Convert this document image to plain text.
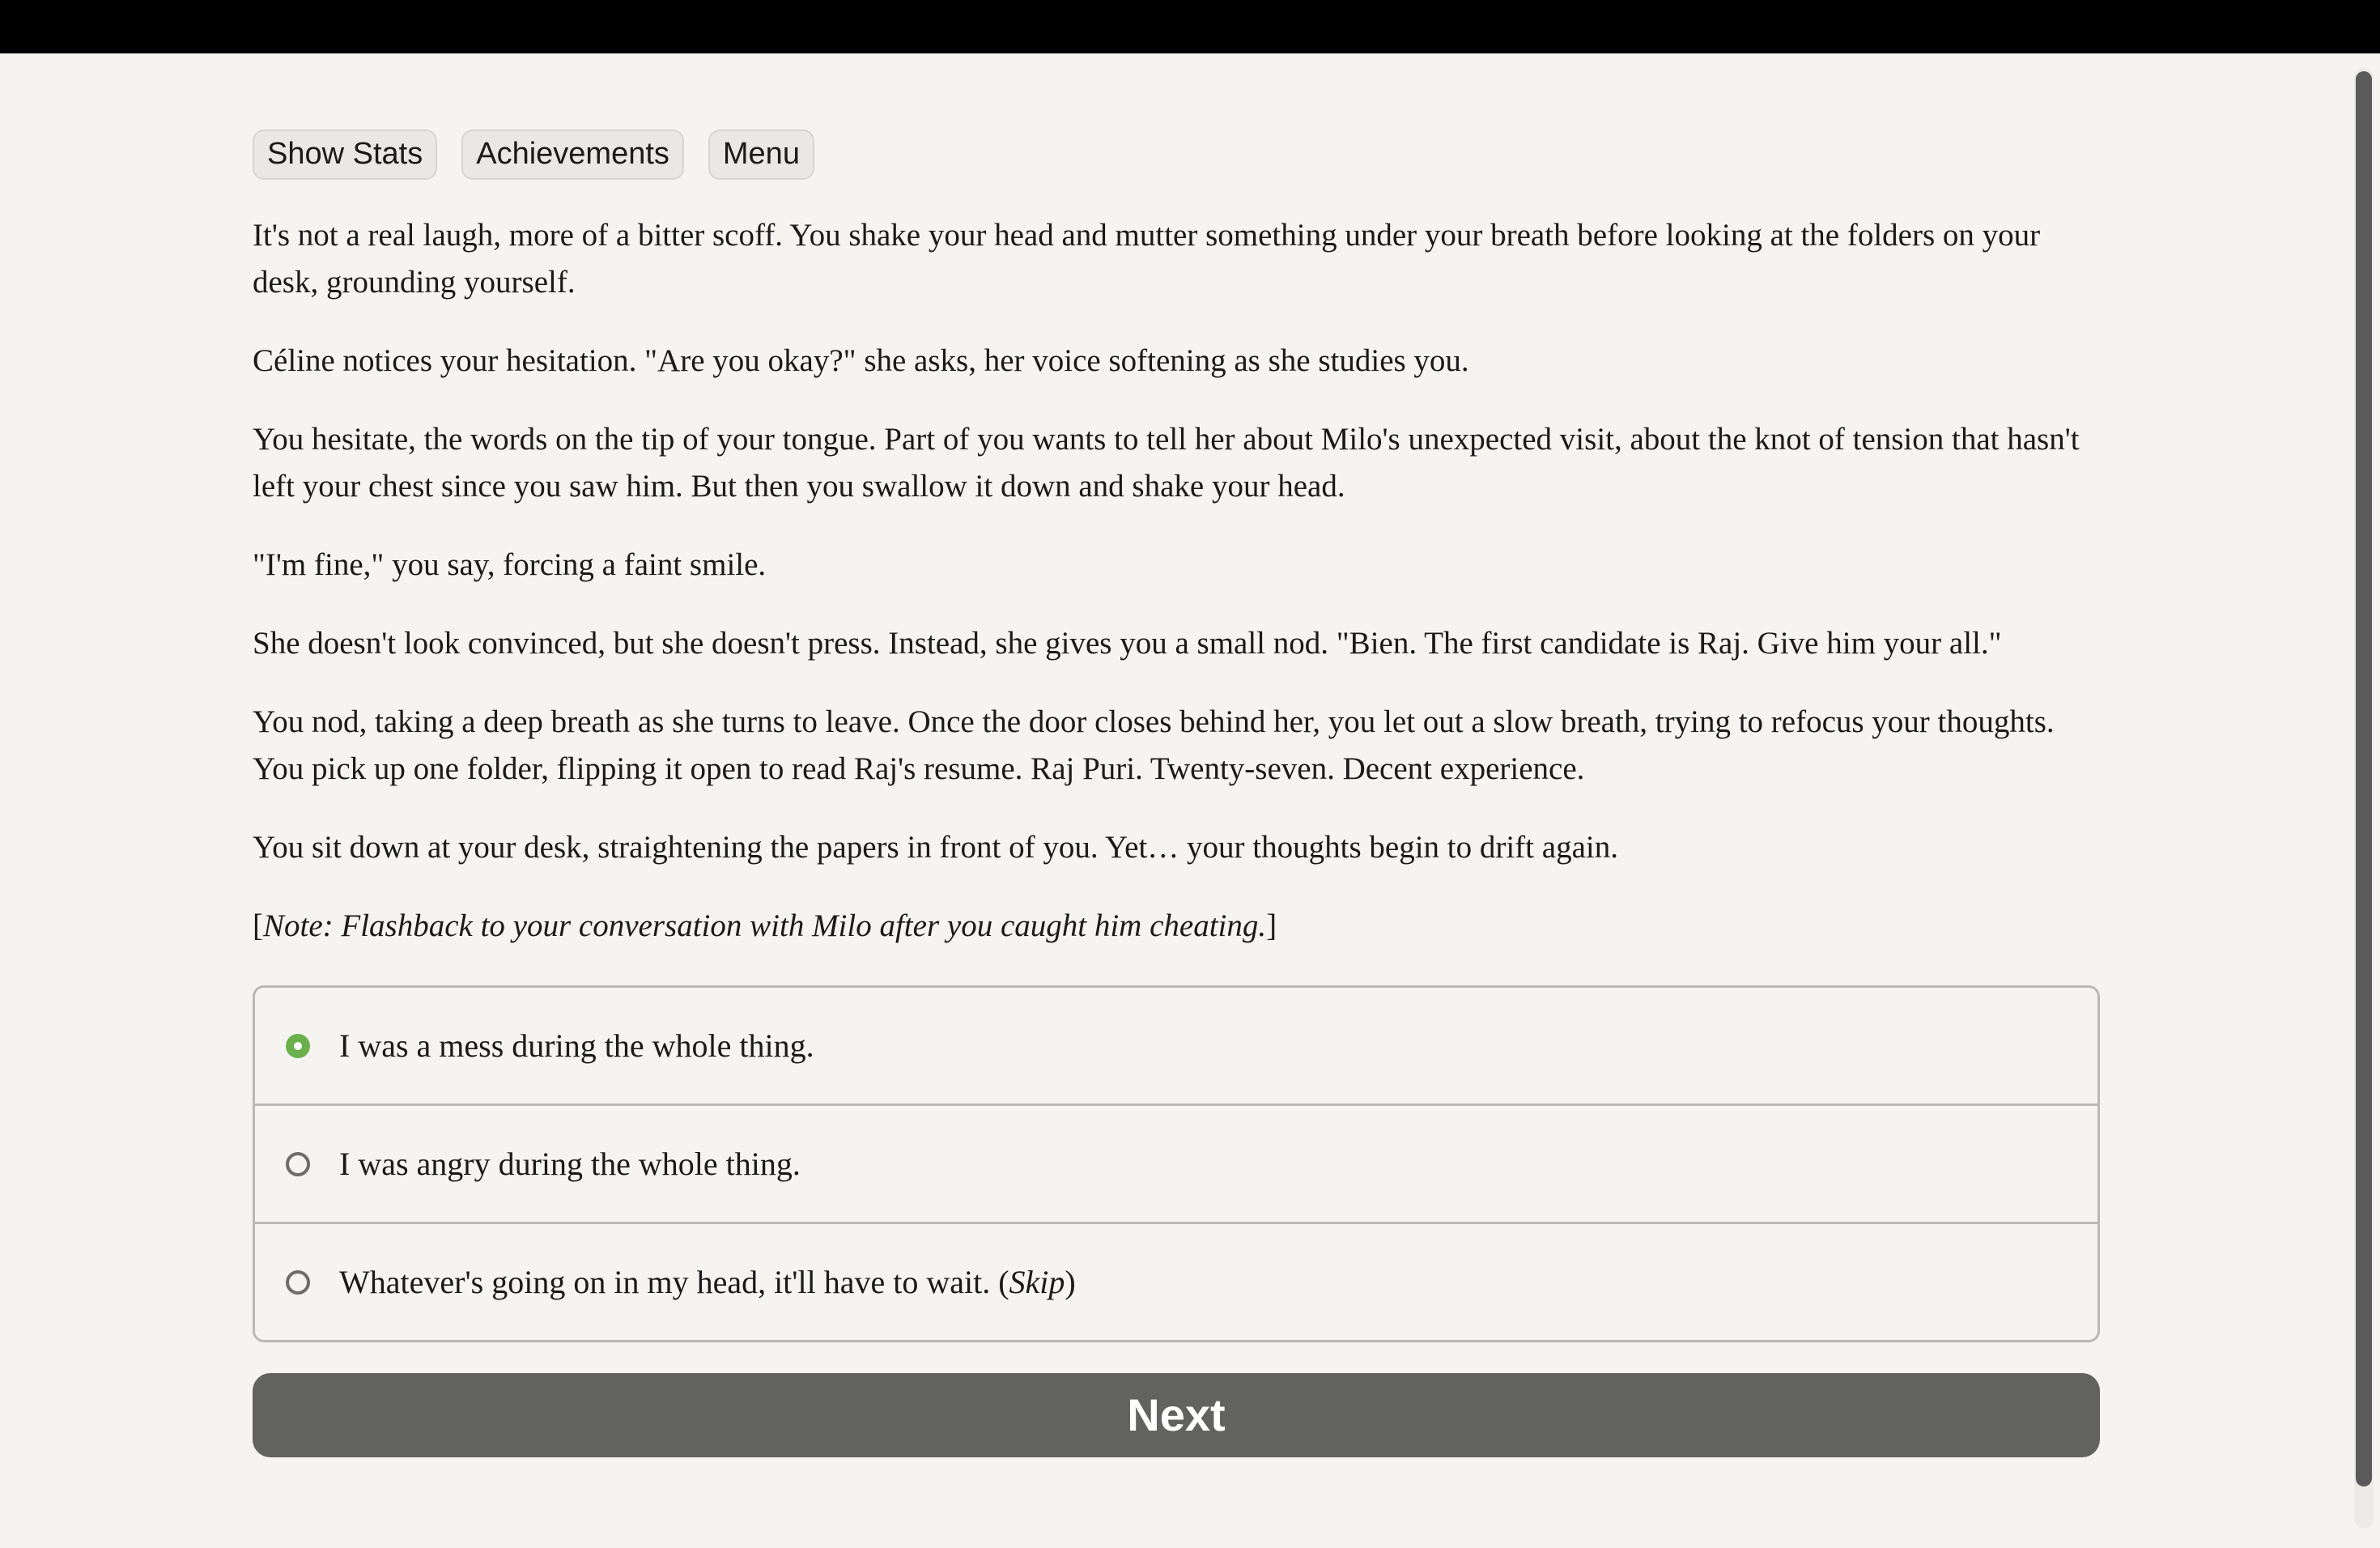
Show Stats	Achievements	Menu

It's not a real laugh, more of a bitter scoff. You shake your head and mutter something under your breath before looking at the folders on your desk, grounding yourself.

Céline notices your hesitation. "Are you okay?" she asks, her voice softening as she studies you.

You hesitate, the words on the tip of your tongue. Part of you wants to tell her about Milo's unexpected visit, about the knot of tension that hasn't left your chest since you saw him. But then you swallow it down and shake your head.

"I'm fine," you say, forcing a faint smile.

She doesn't look convinced, but she doesn't press. Instead, she gives you a small nod. "Bien. The first candidate is Raj. Give him your all."

You nod, taking a deep breath as she turns to leave. Once the door closes behind her, you let out a slow breath, trying to refocus your thoughts. You pick up one folder, flipping it open to read Raj's resume. Raj Puri. Twenty-seven. Decent experience.

You sit down at your desk, straightening the papers in front of you. Yet… your thoughts begin to drift again.

[Note: Flashback to your conversation with Milo after you caught him cheating.]

I was a mess during the whole thing.
I was angry during the whole thing.
Whatever's going on in my head, it'll have to wait. (Skip)
Next
